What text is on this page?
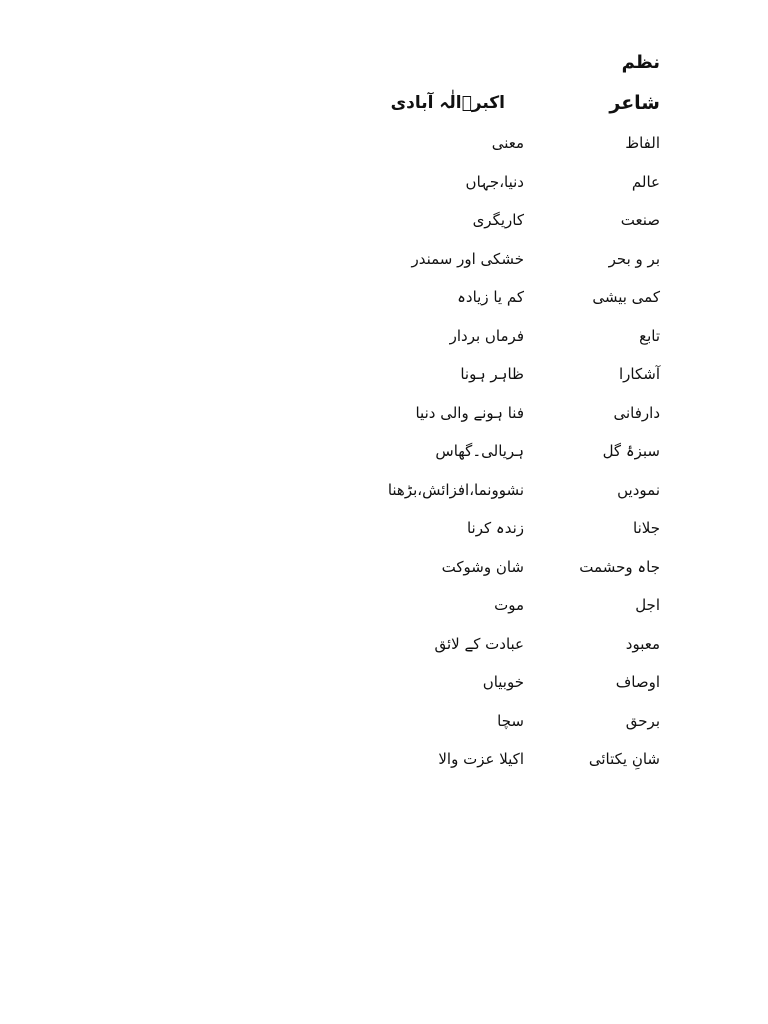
نظم
شاعر
اکبرؔالٰہ آبادی
الفاظ
معنی
عالم
دنیا،جہاں
صنعت
کاریگری
بر و بحر
خشکی اور سمندر
کمی بیشی
کم یا زیادہ
تابع
فرماں بردار
آشکارا
ظاہر ہونا
دارفانی
فنا ہونے والی دنیا
سبزۂ گل
ہریالی۔گھاس
نمودیں
نشوونما،افزائش،بڑھنا
جلانا
زندہ کرنا
جاہ وحشمت
شان وشوکت
اجل
موت
معبود
عبادت کے لائق
اوصاف
خوبیاں
برحق
سچا
شانِ یکتائی
اکیلا عزت والا
